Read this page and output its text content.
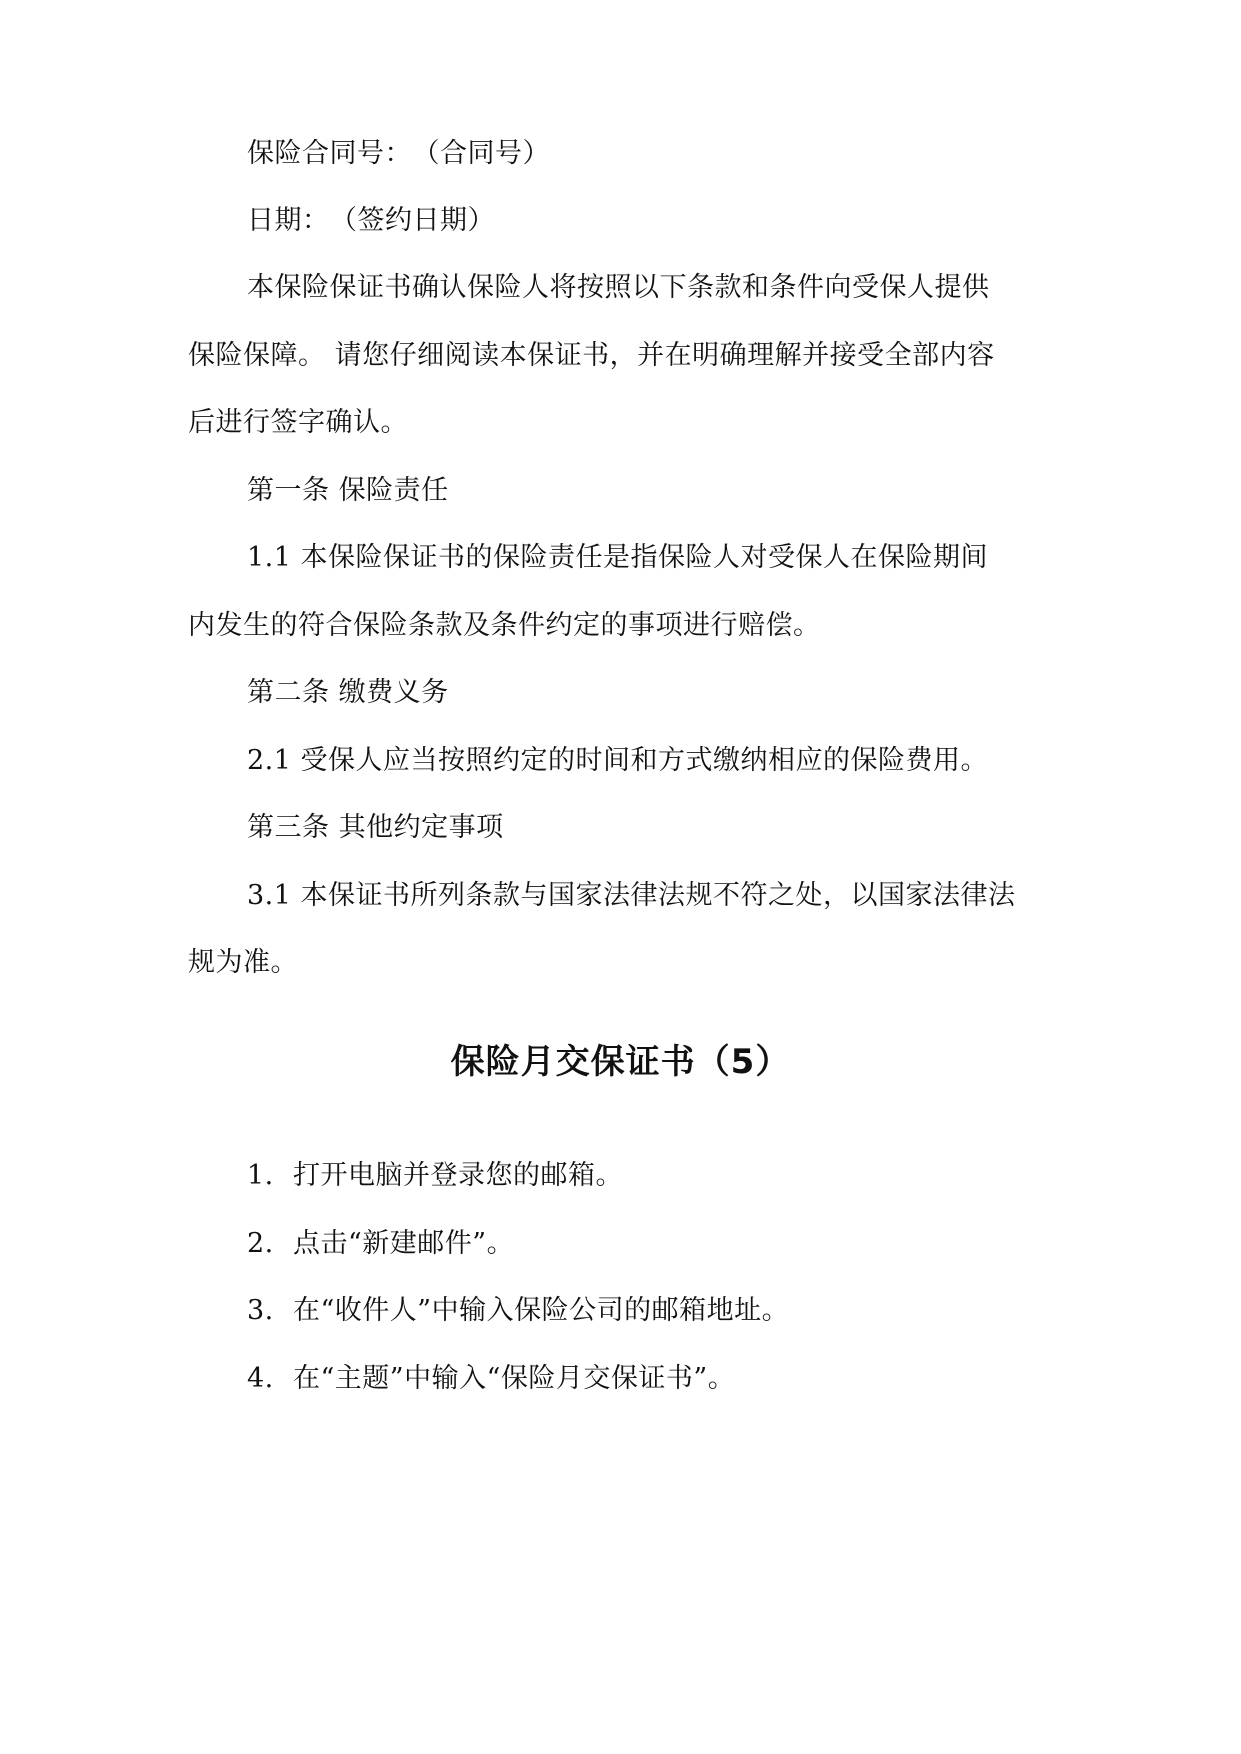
保险合同号：　（合同号）
日期：　（签约日期）
本保险保证书确认保险人将按照以下条款和条件向受保人提供
保险保障。 请您仔细阅读本保证书，并在明确理解并接受全部内容
后进行签字确认。
第一条 保险责任
1.1 本保险保证书的保险责任是指保险人对受保人在保险期间
内发生的符合保险条款及条件约定的事项进行赔偿。
第二条 缴费义务
2.1 受保人应当按照约定的时间和方式缴纳相应的保险费用。
第三条 其他约定事项
3.1 本保证书所列条款与国家法律法规不符之处，以国家法律法
规为准。
保险月交保证书（5）
1. 打开电脑并登录您的邮箱。
2. 点击“新建邮件”。
3. 在“收件人”中输入保险公司的邮箱地址。
4. 在“主题”中输入“保险月交保证书”。
